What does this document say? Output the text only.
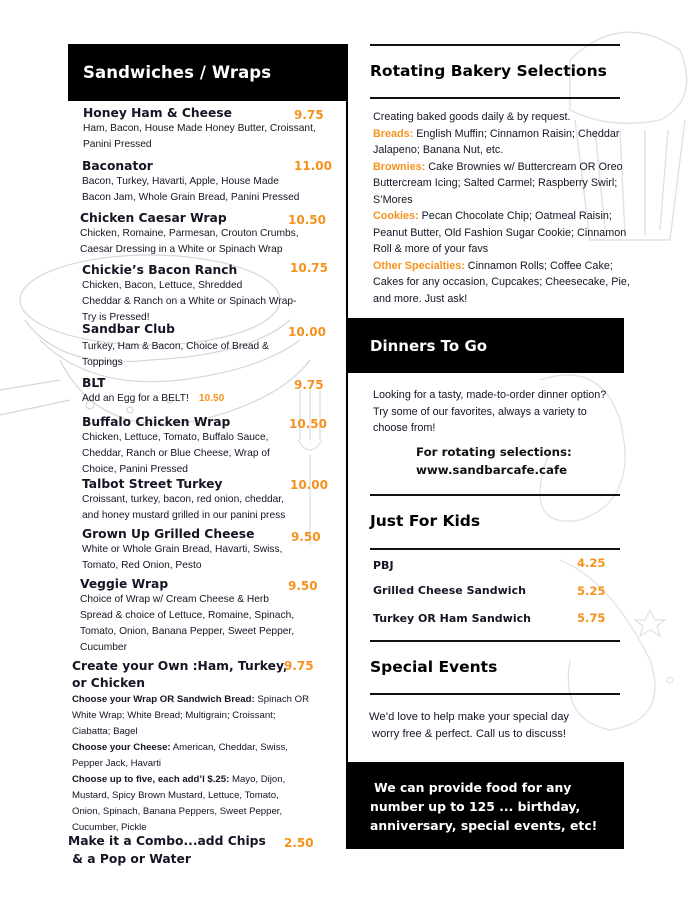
Sandwiches / Wraps
Honey Ham & Cheese
Ham, Bacon, House Made Honey Butter, Croissant,
Panini Pressed
9.75
Baconator
Bacon, Turkey, Havarti, Apple, House Made
Bacon Jam, Whole Grain Bread, Panini Pressed
11.00
Chicken Caesar Wrap
Chicken, Romaine, Parmesan, Crouton Crumbs,
Caesar Dressing in a White or Spinach Wrap
10.50
Chickie’s Bacon Ranch
Chicken, Bacon, Lettuce, Shredded
Cheddar & Ranch on a White or Spinach Wrap-
Try is Pressed!
10.75
Sandbar Club
Turkey, Ham & Bacon, Choice of Bread &
Toppings
10.00
BLT
Add an Egg for a BELT! 10.50
9.75
Buffalo Chicken Wrap
Chicken, Lettuce, Tomato, Buffalo Sauce,
Cheddar, Ranch or Blue Cheese, Wrap of
Choice, Panini Pressed
10.50
Talbot Street Turkey
Croissant, turkey, bacon, red onion, cheddar,
and honey mustard grilled in our panini press
10.00
Grown Up Grilled Cheese
White or Whole Grain Bread, Havarti, Swiss,
Tomato, Red Onion, Pesto
9.50
Veggie Wrap
Choice of Wrap w/ Cream Cheese & Herb
Spread & choice of Lettuce, Romaine, Spinach,
Tomato, Onion, Banana Pepper, Sweet Pepper,
Cucumber
9.50
Create your Own :Ham, Turkey,
or Chicken
Choose your Wrap OR Sandwich Bread: Spinach OR
White Wrap; White Bread; Multigrain; Croissant;
Ciabatta; Bagel
Choose your Cheese: American, Cheddar, Swiss,
Pepper Jack, Havarti
Choose up to five, each add’l $.25: Mayo, Dijon,
Mustard, Spicy Brown Mustard, Lettuce, Tomato,
Onion, Spinach, Banana Peppers, Sweet Pepper,
Cucumber, Pickle
9.75
Make it a Combo...add Chips
& a Pop or Water
2.50
Rotating Bakery Selections
Creating baked goods daily & by request.
Breads: English Muffin; Cinnamon Raisin; Cheddar Jalapeno; Banana Nut, etc.
Brownies: Cake Brownies w/ Buttercream OR Oreo Buttercream Icing; Salted Carmel; Raspberry Swirl; S’Mores
Cookies: Pecan Chocolate Chip; Oatmeal Raisin; Peanut Butter, Old Fashion Sugar Cookie; Cinnamon Roll & more of your favs
Other Specialties: Cinnamon Rolls; Coffee Cake; Cakes for any occasion, Cupcakes; Cheesecake, Pie, and more. Just ask!
Dinners To Go
Looking for a tasty, made-to-order dinner option? Try some of our favorites, always a variety to choose from!
For rotating selections:
www.sandbarcafe.cafe
Just For Kids
PBJ	4.25
Grilled Cheese Sandwich	5.25
Turkey OR Ham Sandwich	5.75
Special Events
We’d love to help make your special day
worry free & perfect. Call us to discuss!
We can provide food for any
number up to 125 ... birthday,
anniversary, special events, etc!
